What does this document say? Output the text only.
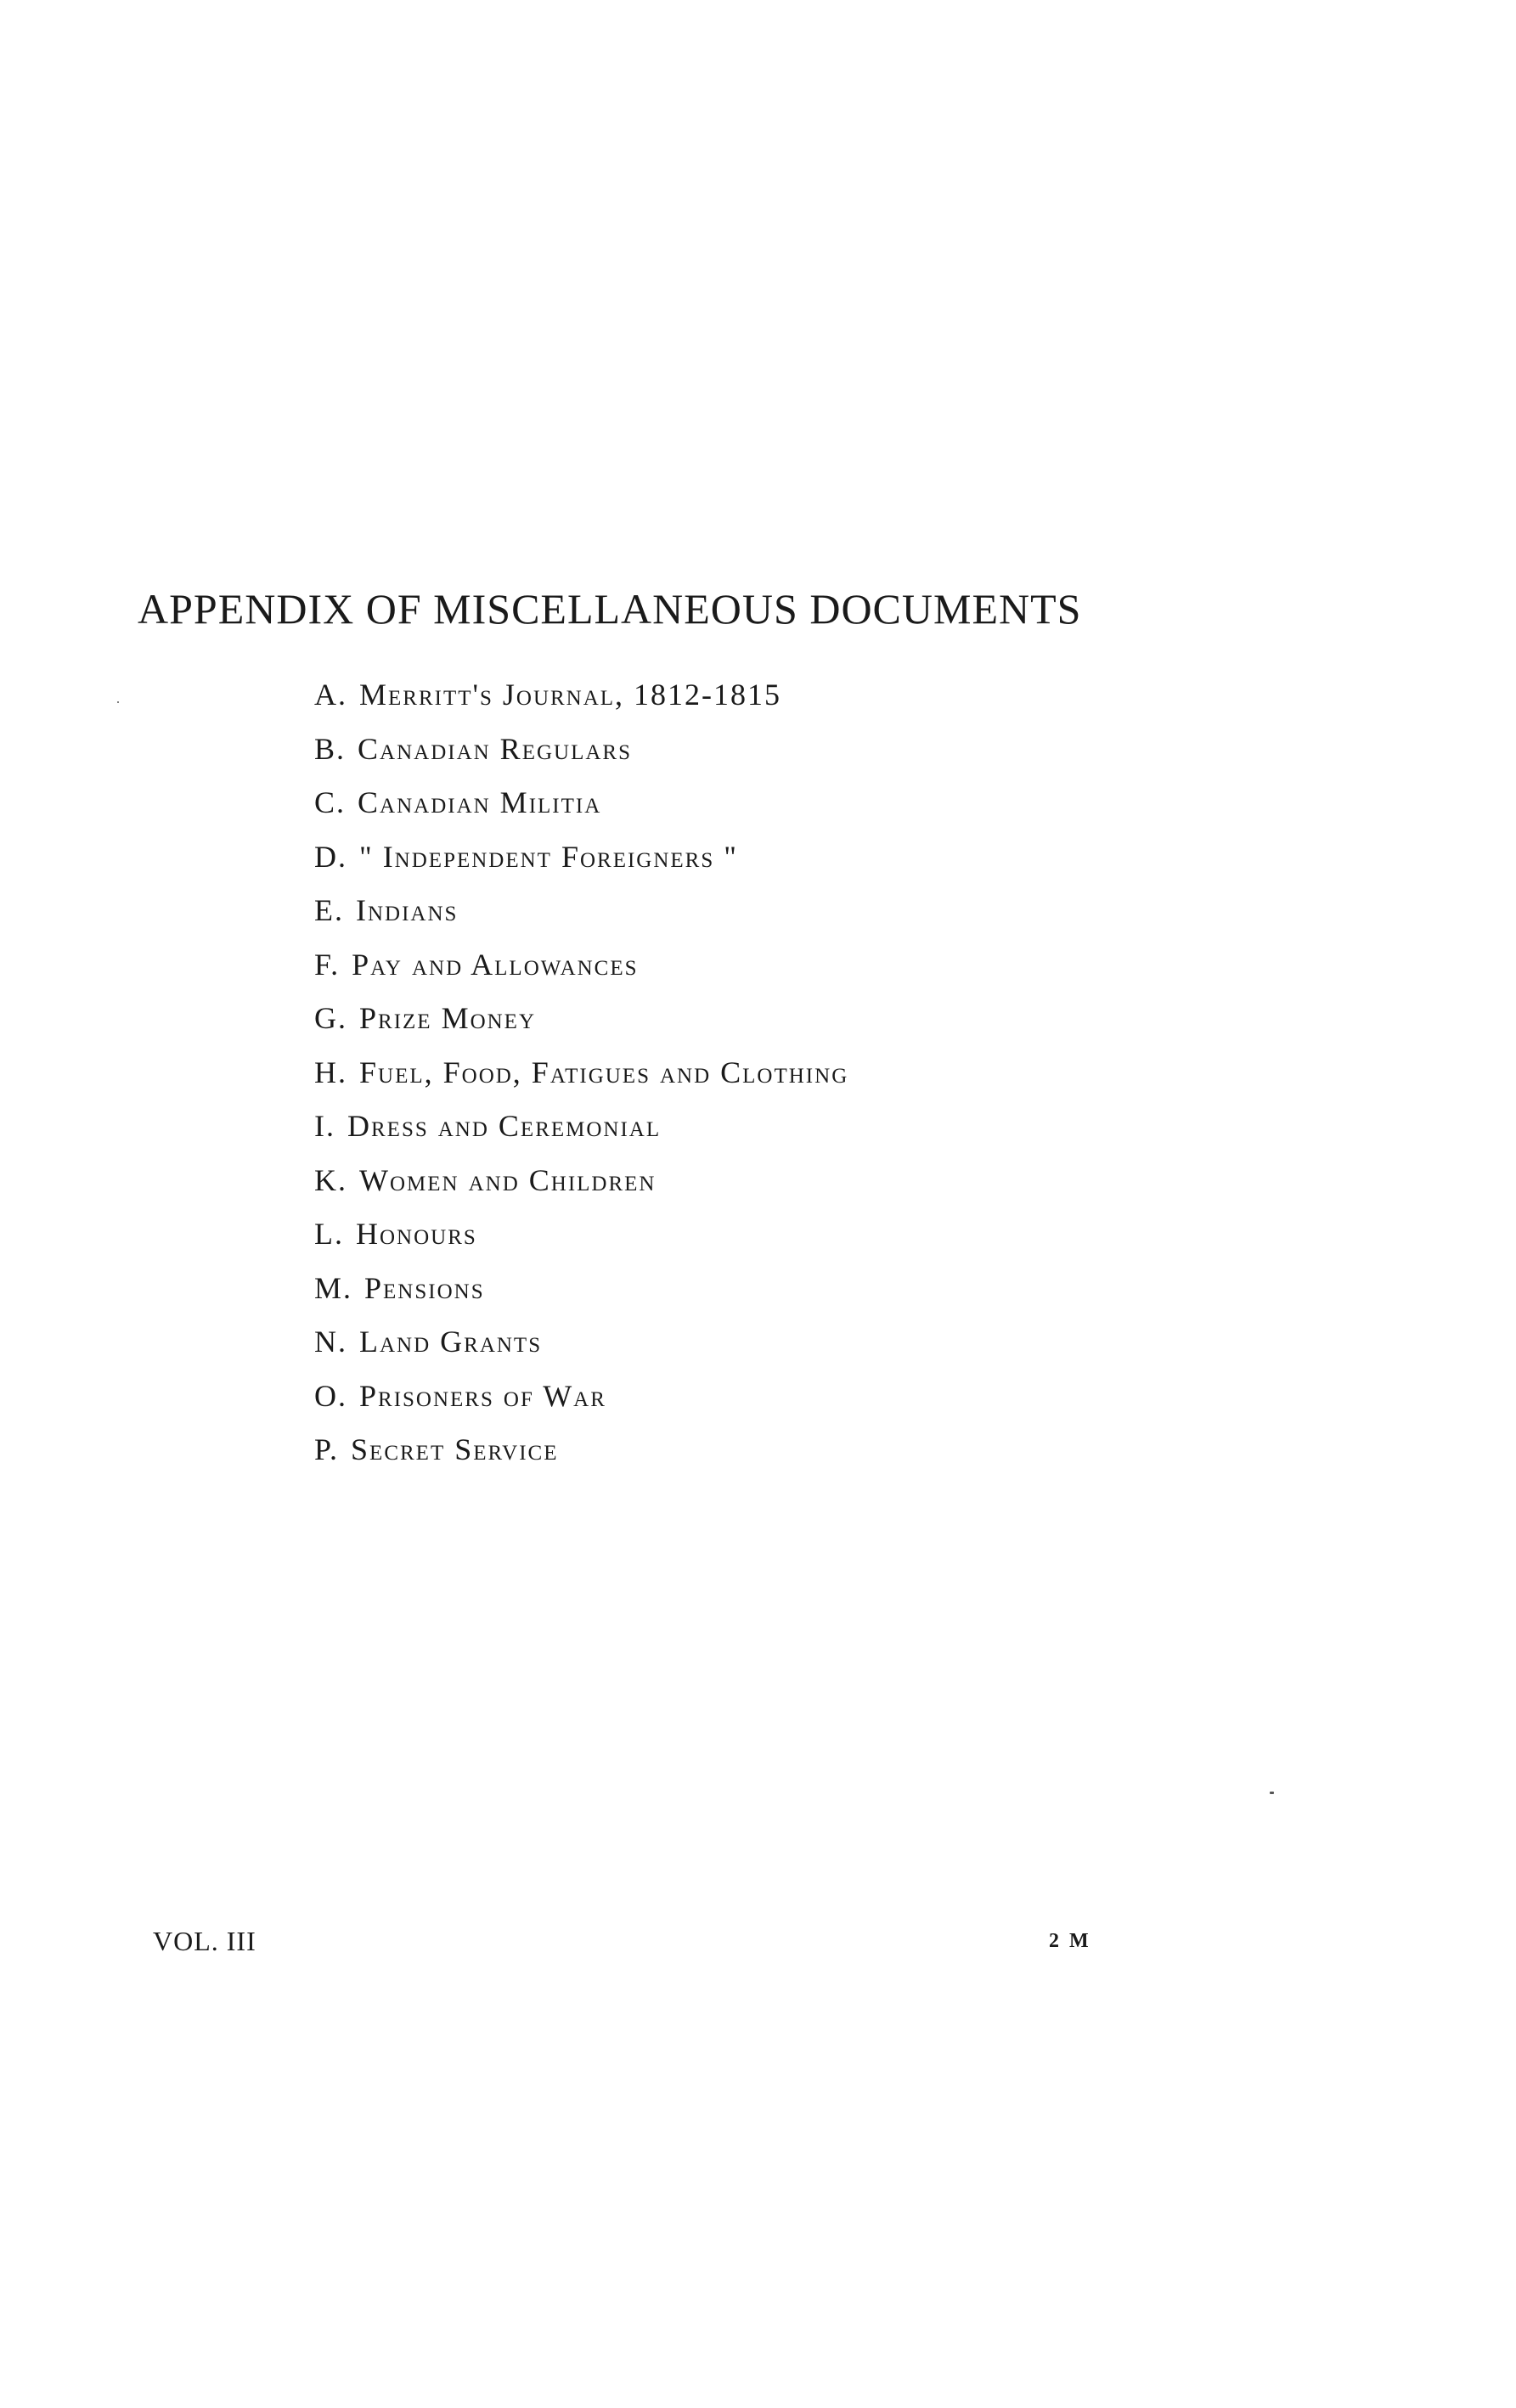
APPENDIX OF MISCELLANEOUS DOCUMENTS
A. Merritt's Journal, 1812-1815
B. Canadian Regulars
C. Canadian Militia
D. " Independent Foreigners "
E. Indians
F. Pay and Allowances
G. Prize Money
H. Fuel, Food, Fatigues and Clothing
I. Dress and Ceremonial
K. Women and Children
L. Honours
M. Pensions
N. Land Grants
O. Prisoners of War
P. Secret Service
VOL. III	2 M
